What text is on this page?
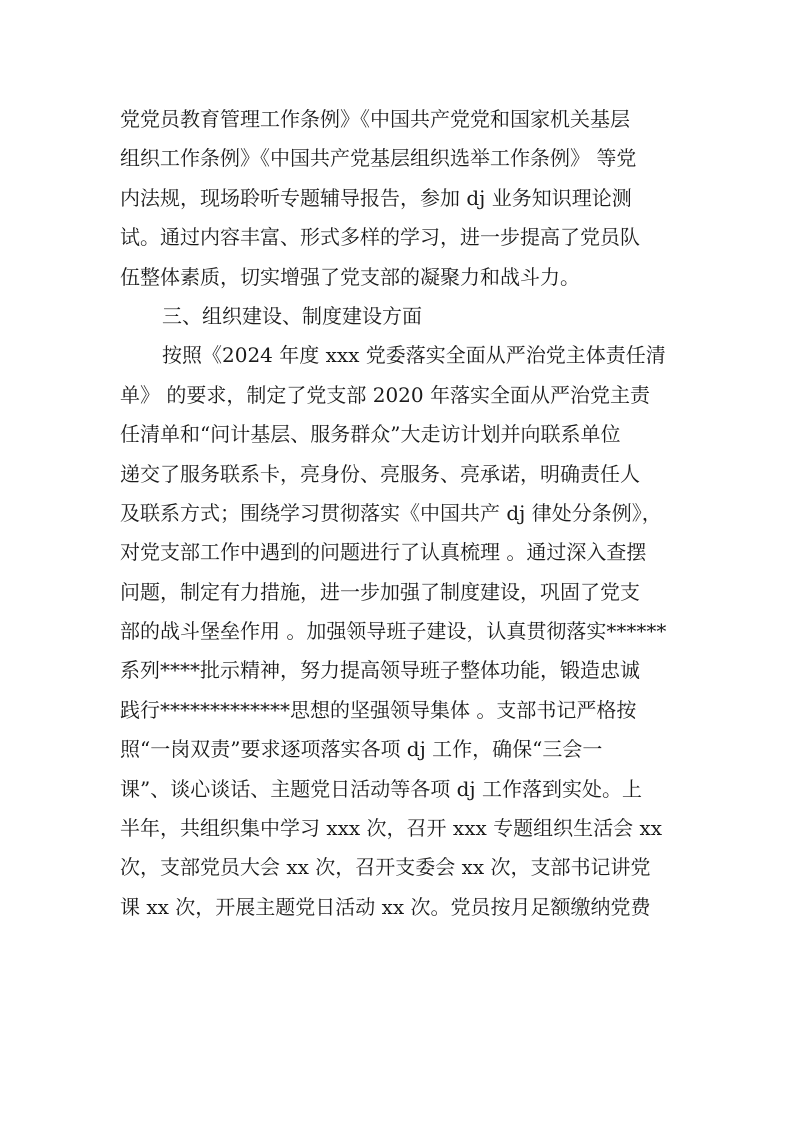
党党员教育管理工作条例》《中国共产党党和国家机关基层
组织工作条例》《中国共产党基层组织选举工作条例》 等党
内法规，现场聆听专题辅导报告，参加 dj 业务知识理论测
试。通过内容丰富、形式多样的学习，进一步提高了党员队
伍整体素质，切实增强了党支部的凝聚力和战斗力。
三、组织建设、制度建设方面
按照《2024 年度 xxx 党委落实全面从严治党主体责任清
单》 的要求，制定了党支部 2020 年落实全面从严治党主责
任清单和“问计基层、服务群众”大走访计划并向联系单位
递交了服务联系卡，亮身份、亮服务、亮承诺，明确责任人
及联系方式；围绕学习贯彻落实《中国共产 dj 律处分条例》，
对党支部工作中遇到的问题进行了认真梳理 。通过深入查摆
问题，制定有力措施，进一步加强了制度建设，巩固了党支
部的战斗堡垒作用 。加强领导班子建设，认真贯彻落实******
系列****批示精神，努力提高领导班子整体功能，锻造忠诚
践行*************思想的坚强领导集体 。支部书记严格按
照“一岗双责”要求逐项落实各项 dj 工作，确保“三会一
课”、谈心谈话、主题党日活动等各项 dj 工作落到实处。上
半年，共组织集中学习 xxx 次，召开 xxx 专题组织生活会 xx
次，支部党员大会 xx 次，召开支委会 xx 次，支部书记讲党
课 xx 次，开展主题党日活动 xx 次。党员按月足额缴纳党费
